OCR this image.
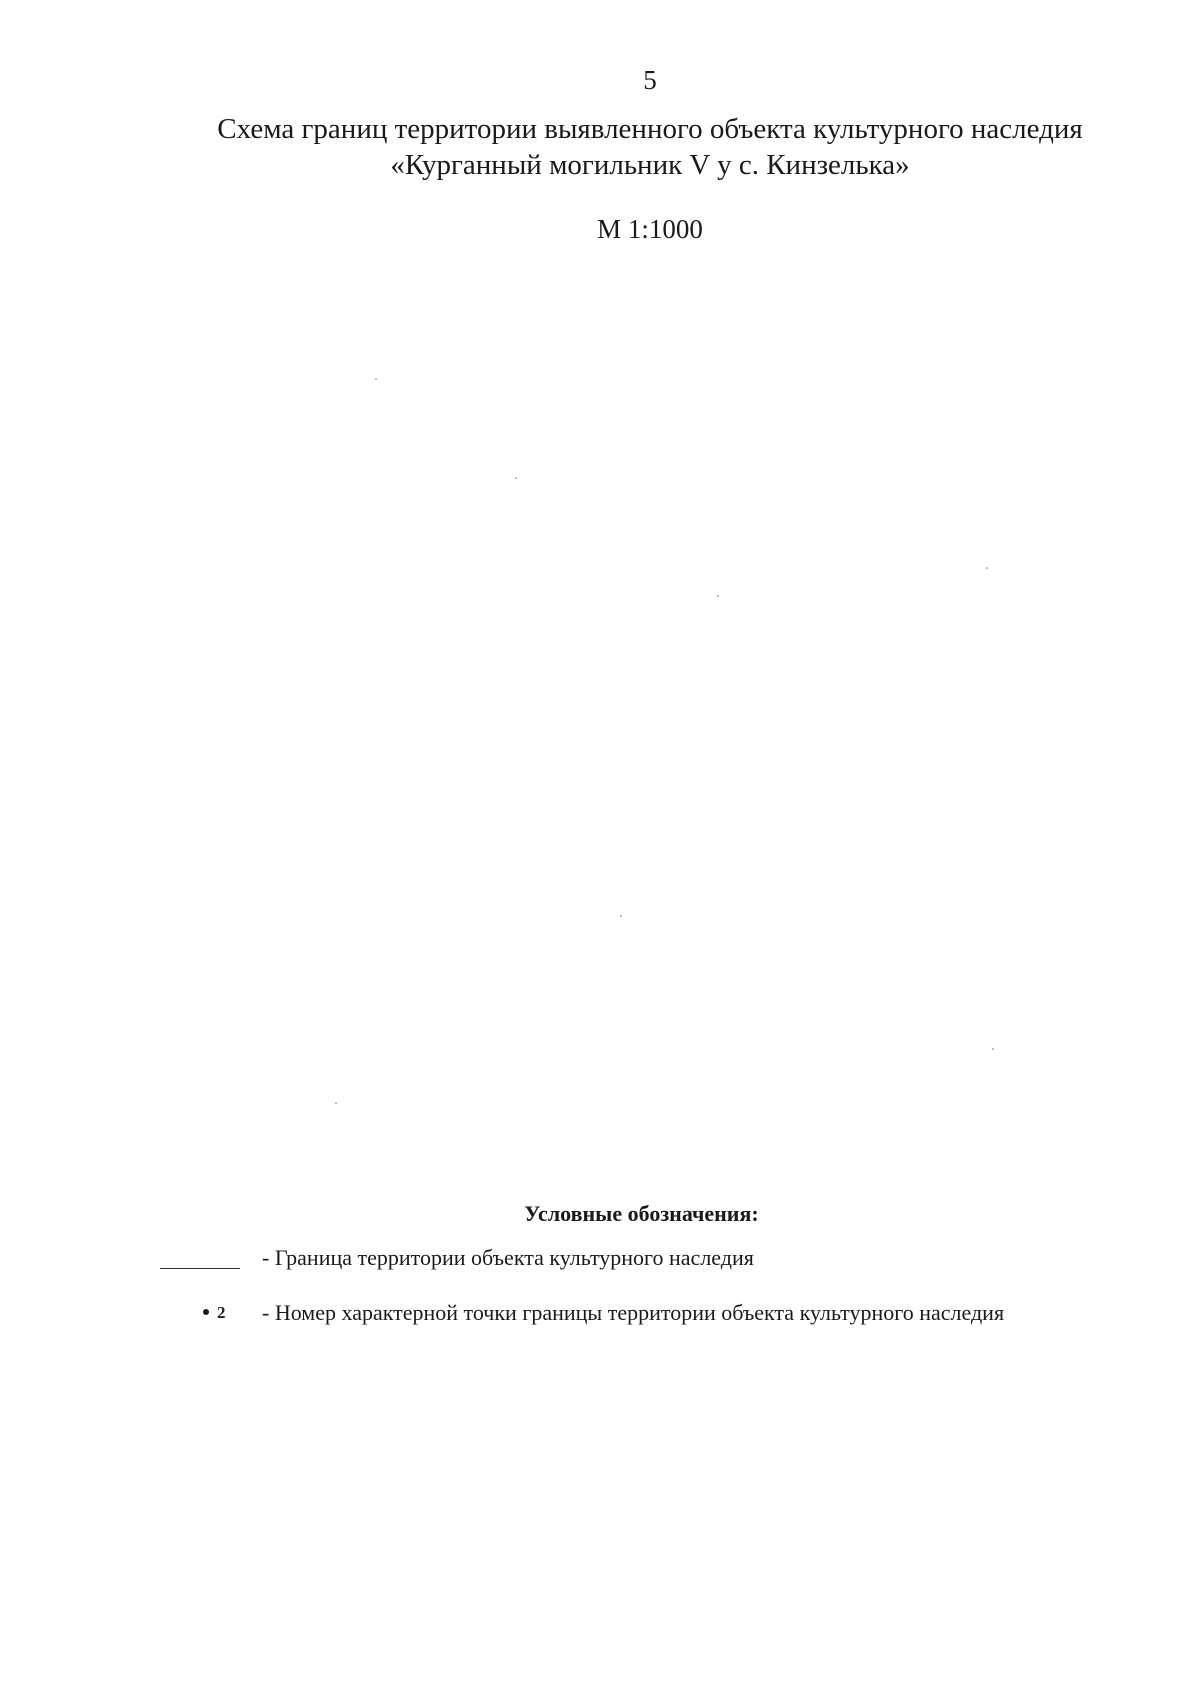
5
Схема границ территории выявленного объекта культурного наследия
«Курганный могильник V у с. Кинзелька»
М 1:1000
Условные обозначения:
- Граница территории объекта культурного наследия
2 - Номер характерной точки границы территории объекта культурного наследия
